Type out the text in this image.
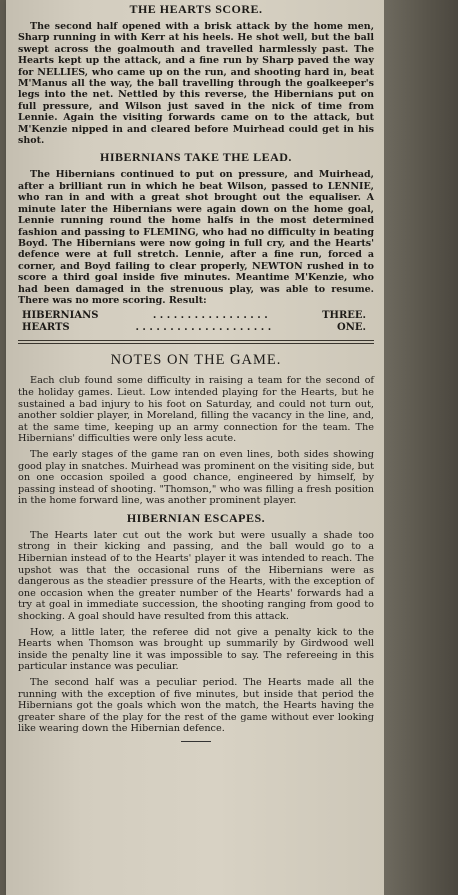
THE HEARTS SCORE.

The second half opened with a brisk attack by the home men, Sharp running in with Kerr at his heels. He shot well, but the ball swept across the goalmouth and travelled harmlessly past. The Hearts kept up the attack, and a fine run by Sharp paved the way for NELLIES, who came up on the run, and shooting hard in, beat M'Manus all the way, the ball travelling through the goalkeeper's legs into the net. Nettled by this reverse, the Hibernians put on full pressure, and Wilson just saved in the nick of time from Lennie. Again the visiting forwards came on to the attack, but M'Kenzie nipped in and cleared before Muirhead could get in his shot.

HIBERNIANS TAKE THE LEAD.

The Hibernians continued to put on pressure, and Muirhead, after a brilliant run in which he beat Wilson, passed to LENNIE, who ran in and with a great shot brought out the equaliser. A minute later the Hibernians were again down on the home goal, Lennie running round the home halfs in the most determined fashion and passing to FLEMING, who had no difficulty in beating Boyd. The Hibernians were now going in full cry, and the Hearts' defence were at full stretch. Lennie, after a fine run, forced a corner, and Boyd failing to clear properly, NEWTON rushed in to score a third goal inside five minutes. Meantime M'Kenzie, who had been damaged in the strenuous play, was able to resume. There was no more scoring. Result:

HIBERNIANS	. . . . . . . . . . . . . . . . .	THREE.
HEARTS	. . . . . . . . . . . . . . . . . . . .	ONE.
NOTES ON THE GAME.

Each club found some difficulty in raising a team for the second of the holiday games. Lieut. Low intended playing for the Hearts, but he sustained a bad injury to his foot on Saturday, and could not turn out, another soldier player, in Moreland, filling the vacancy in the line, and, at the same time, keeping up an army connection for the team. The Hibernians' difficulties were only less acute.

The early stages of the game ran on even lines, both sides showing good play in snatches. Muirhead was prominent on the visiting side, but on one occasion spoiled a good chance, engineered by himself, by passing instead of shooting. "Thomson," who was filling a fresh position in the home forward line, was another prominent player.

HIBERNIAN ESCAPES.

The Hearts later cut out the work but were usually a shade too strong in their kicking and passing, and the ball would go to a Hibernian instead of to the Hearts' player it was intended to reach. The upshot was that the occasional runs of the Hibernians were as dangerous as the steadier pressure of the Hearts, with the exception of one occasion when the greater number of the Hearts' forwards had a try at goal in immediate succession, the shooting ranging from good to shocking. A goal should have resulted from this attack.

How, a little later, the referee did not give a penalty kick to the Hearts when Thomson was brought up summarily by Girdwood well inside the penalty line it was impossible to say. The refereeing in this particular instance was peculiar.

The second half was a peculiar period. The Hearts made all the running with the exception of five minutes, but inside that period the Hibernians got the goals which won the match, the Hearts having the greater share of the play for the rest of the game without ever looking like wearing down the Hibernian defence.
